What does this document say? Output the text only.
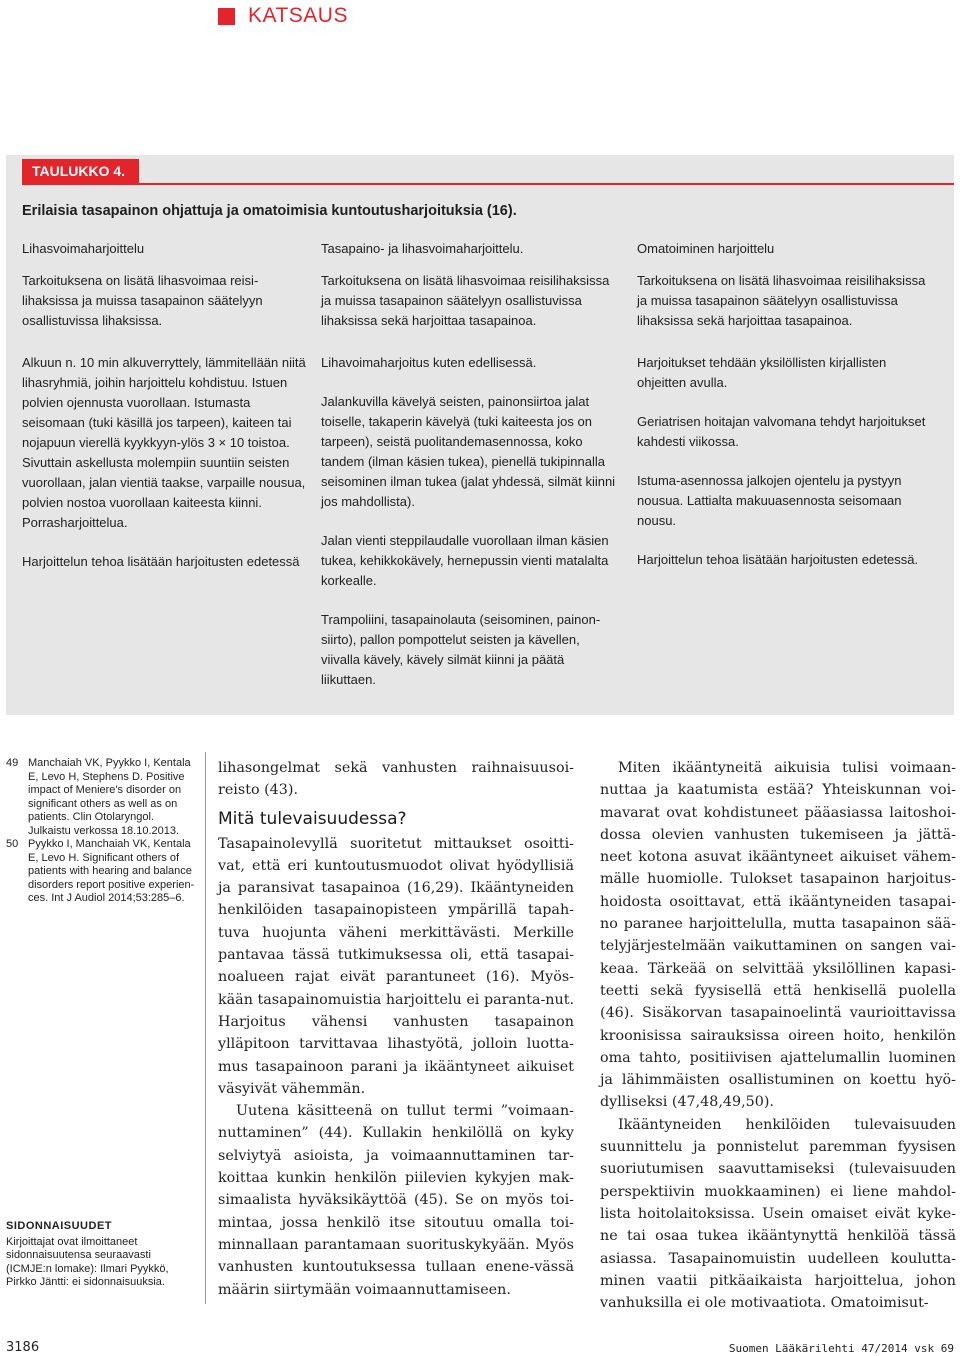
KATSAUS
TAULUKKO 4.
Erilaisia tasapainon ohjattuja ja omatoimisia kuntoutusharjoituksia (16).
Lihasvoimaharjoittelu
Tarkoituksena on lisätä lihasvoimaa reisi-lihaksissa ja muissa tasapainon säätelyyn osallistuvissa lihaksissa.

Alkuun n. 10 min alkuverryttely, lämmitellään niitä lihasryhmiä, joihin harjoittelu kohdistuu. Istuen polvien ojennusta vuorollaan. Istumasta seisomaan (tuki käsillä jos tarpeen), kaiteen tai nojapuun vierellä kyykkyyn-ylös 3 × 10 toistoa. Sivuttain askellusta molempiin suuntiin seisten vuorollaan, jalan vientiä taakse, varpaille nousua, polvien nostoa vuorollaan kaiteesta kiinni. Porrasharjoittelua.

Harjoittelun tehoa lisätään harjoitusten edetessä

Tasapaino- ja lihasvoimaharjoittelu.
Tarkoituksena on lisätä lihasvoimaa reisilihaksissa ja muissa tasapainon säätelyyn osallistuvissa lihaksissa sekä harjoittaa tasapainoa.

Lihavoimaharjoitus kuten edellisessä.

Jalankuvilla kävelyä seisten, painonsiirtoa jalat toiselle, takaperin kävelyä (tuki kaiteesta jos on tarpeen), seistä puolitandemasennossa, koko tandem (ilman käsien tukea), pienellä tukipinnalla seisominen ilman tukea (jalat yhdessä, silmät kiinni jos mahdollista).

Jalan vienti steppilaudalle vuorollaan ilman käsien tukea, kehikkokävely, hernepussin vienti matalalta korkealle.

Trampoliini, tasapainolauta (seisominen, painon-siirto), pallon pompottelut seisten ja kävellen, viivalla kävely, kävely silmät kiinni ja päätä liikuttaen.

Omatoiminen harjoittelu
Tarkoituksena on lisätä lihasvoimaa reisilihaksissa ja muissa tasapainon säätelyyn osallistuvissa lihaksissa sekä harjoittaa tasapainoa.

Harjoitukset tehdään yksilöllisten kirjallisten ohjeitten avulla.

Geriatrisen hoitajan valvomana tehdyt harjoitukset kahdesti viikossa.

Istuma-asennossa jalkojen ojentelu ja pystyyn nousua. Lattialta makuuasennosta seisomaan nousu.

Harjoittelun tehoa lisätään harjoitusten edetessä.

49 Manchaiah VK, Pyykko I, Kentala E, Levo H, Stephens D. Positive impact of Meniere's disorder on significant others as well as on patients. Clin Otolaryngol. Julkaistu verkossa 18.10.2013.
50 Pyykko I, Manchaiah VK, Kentala E, Levo H. Significant others of patients with hearing and balance disorders report positive experien-ces. Int J Audiol 2014;53:285–6.
SIDONNAISUUDET
Kirjoittajat ovat ilmoittaneet sidonnaisuutensa seuraavasti (ICMJE:n lomake): Ilmari Pyykkö, Pirkko Jäntti: ei sidonnaisuuksia.

lihasongelmat sekä vanhusten raihnaisuusoi-reisto (43).

Mitä tulevaisuudessa?

Tasapainolevyllä suoritetut mittaukset osoitti-vat, että eri kuntoutusmuodot olivat hyödyllisiä ja paransivat tasapainoa (16,29). Ikääntyneiden henkilöiden tasapainopisteen ympärillä tapah-tuva huojunta väheni merkittävästi. Merkille pantavaa tässä tutkimuksessa oli, että tasapai-noalueen rajat eivät parantuneet (16). Myös-kään tasapainomuistia harjoittelu ei paranta-nut. Harjoitus vähensi vanhusten tasapainon ylläpitoon tarvittavaa lihastyötä, jolloin luotta-mus tasapainoon parani ja ikääntyneet aikuiset väsyivät vähemmän.

Uutena käsitteenä on tullut termi ”voimaan-nuttaminen” (44). Kullakin henkilöllä on kyky selviytyä asioista, ja voimaannuttaminen tar-koittaa kunkin henkilön piilevien kykyjen mak-simaalista hyväksikäyttöä (45). Se on myös toi-mintaa, jossa henkilö itse sitoutuu omalla toi-minnallaan parantamaan suorituskykyään. Myös vanhusten kuntoutuksessa tullaan enene-vässä määrin siirtymään voimaannuttamiseen.

Miten ikääntyneitä aikuisia tulisi voimaan-nuttaa ja kaatumista estää? Yhteiskunnan voi-mavarat ovat kohdistuneet pääasiassa laitoshoi-dossa olevien vanhusten tukemiseen ja jättä-neet kotona asuvat ikääntyneet aikuiset vähem-mälle huomiolle. Tulokset tasapainon harjoitus-hoidosta osoittavat, että ikääntyneiden tasapai-no paranee harjoittelulla, mutta tasapainon sää-telyjärjestelmään vaikuttaminen on sangen vai-keaa. Tärkeää on selvittää yksilöllinen kapasi-teetti sekä fyysisellä että henkisellä puolella (46). Sisäkorvan tasapainoelintä vaurioittavissa kroonisissa sairauksissa oireen hoito, henkilön oma tahto, positiivisen ajattelumallin luominen ja lähimmäisten osallistuminen on koettu hyö-dylliseksi (47,48,49,50).

Ikääntyneiden henkilöiden tulevaisuuden suunnittelu ja ponnistelut paremman fyysisen suoriutumisen saavuttamiseksi (tulevaisuuden perspektiivin muokkaaminen) ei liene mahdol-lista hoitolaitoksissa. Usein omaiset eivät kyke-ne tai osaa tukea ikääntynyttä henkilöä tässä asiassa. Tasapainomuistin uudelleen koulutta-minen vaatii pitkäaikaista harjoittelua, johon vanhuksilla ei ole motivaatiota. Omatoimisut-

3186	Suomen Lääkärilehti 47/2014 vsk 69
